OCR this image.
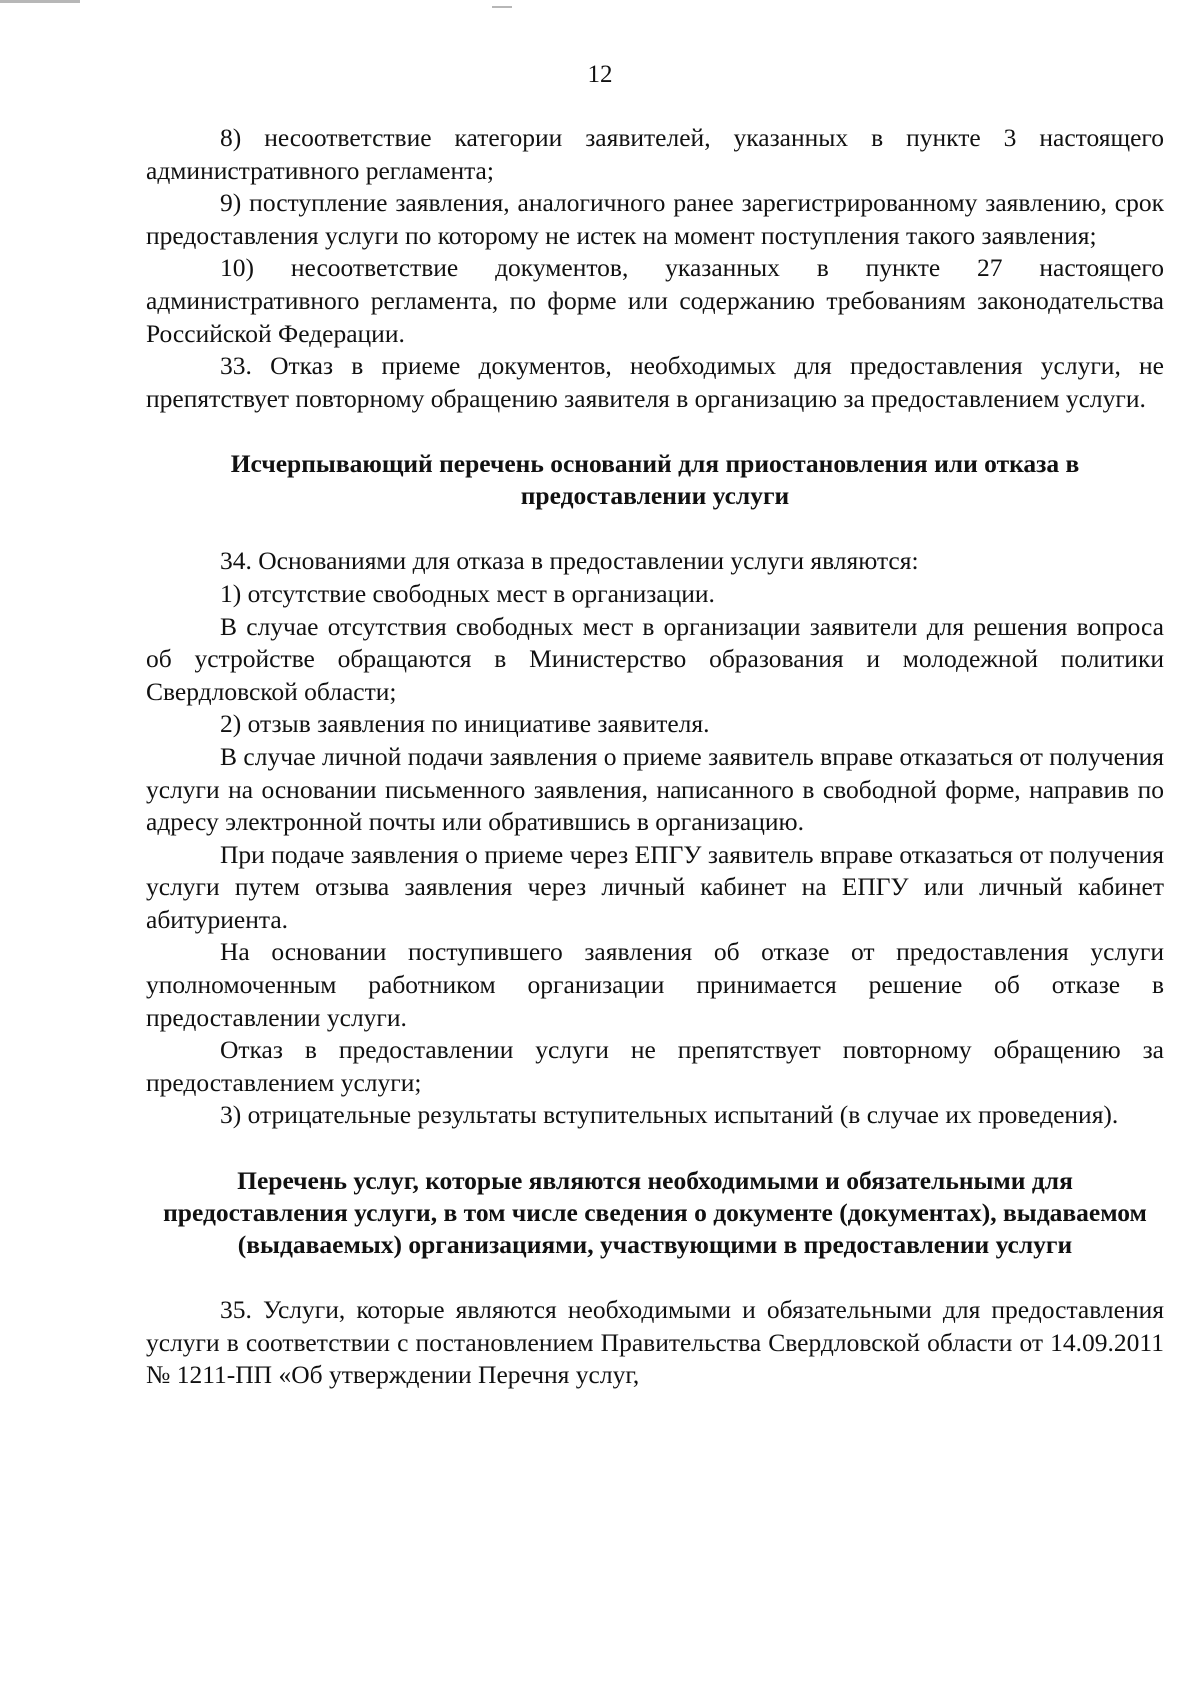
12

8) несоответствие категории заявителей, указанных в пункте 3 настоящего административного регламента;

9) поступление заявления, аналогичного ранее зарегистрированному заявлению, срок предоставления услуги по которому не истек на момент поступления такого заявления;

10) несоответствие документов, указанных в пункте 27 настоящего административного регламента, по форме или содержанию требованиям законодательства Российской Федерации.

33. Отказ в приеме документов, необходимых для предоставления услуги, не препятствует повторному обращению заявителя в организацию за предоставлением услуги.

Исчерпывающий перечень оснований для приостановления или отказа в предоставлении услуги

34. Основаниями для отказа в предоставлении услуги являются:

1) отсутствие свободных мест в организации.

В случае отсутствия свободных мест в организации заявители для решения вопроса об устройстве обращаются в Министерство образования и молодежной политики Свердловской области;

2) отзыв заявления по инициативе заявителя.

В случае личной подачи заявления о приеме заявитель вправе отказаться от получения услуги на основании письменного заявления, написанного в свободной форме, направив по адресу электронной почты или обратившись в организацию.

При подаче заявления о приеме через ЕПГУ заявитель вправе отказаться от получения услуги путем отзыва заявления через личный кабинет на ЕПГУ или личный кабинет абитуриента.

На основании поступившего заявления об отказе от предоставления услуги уполномоченным работником организации принимается решение об отказе в предоставлении услуги.

Отказ в предоставлении услуги не препятствует повторному обращению за предоставлением услуги;

3) отрицательные результаты вступительных испытаний (в случае их проведения).

Перечень услуг, которые являются необходимыми и обязательными для предоставления услуги, в том числе сведения о документе (документах), выдаваемом (выдаваемых) организациями, участвующими в предоставлении услуги

35. Услуги, которые являются необходимыми и обязательными для предоставления услуги в соответствии с постановлением Правительства Свердловской области от 14.09.2011 № 1211-ПП «Об утверждении Перечня услуг,
